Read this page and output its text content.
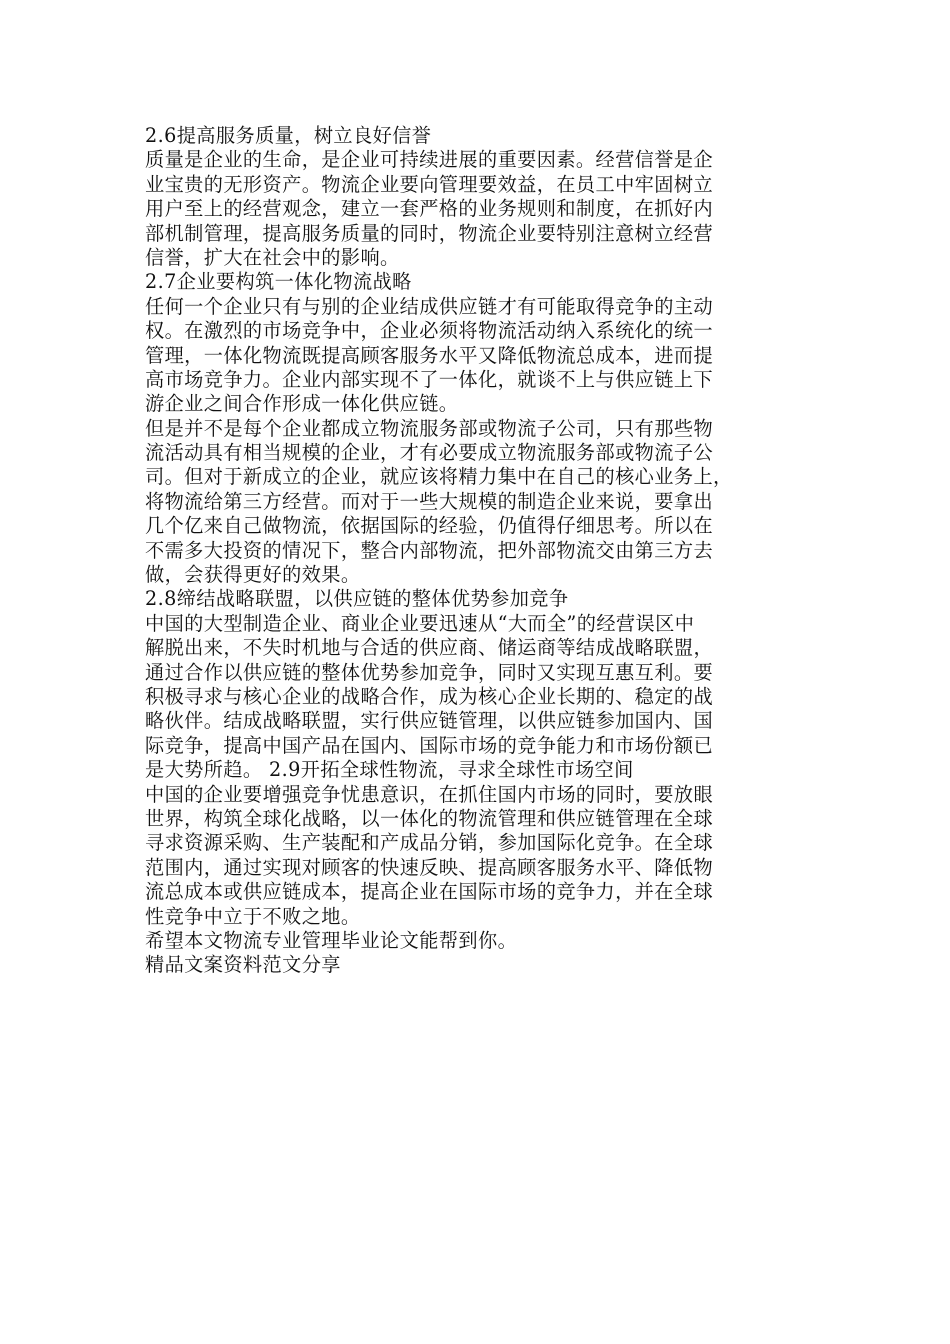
2.6提高服务质量，树立良好信誉
质量是企业的生命，是企业可持续进展的重要因素。经营信誉是企
业宝贵的无形资产。物流企业要向管理要效益，在员工中牢固树立
用户至上的经营观念，建立一套严格的业务规则和制度，在抓好内
部机制管理，提高服务质量的同时，物流企业要特别注意树立经营
信誉，扩大在社会中的影响。
2.7企业要构筑一体化物流战略
任何一个企业只有与别的企业结成供应链才有可能取得竞争的主动
权。在激烈的市场竞争中，企业必须将物流活动纳入系统化的统一
管理，一体化物流既提高顾客服务水平又降低物流总成本，进而提
高市场竞争力。企业内部实现不了一体化，就谈不上与供应链上下
游企业之间合作形成一体化供应链。
但是并不是每个企业都成立物流服务部或物流子公司，只有那些物
流活动具有相当规模的企业，才有必要成立物流服务部或物流子公
司。但对于新成立的企业，就应该将精力集中在自己的核心业务上，
将物流给第三方经营。而对于一些大规模的制造企业来说，要拿出
几个亿来自己做物流，依据国际的经验，仍值得仔细思考。所以在
不需多大投资的情况下，整合内部物流，把外部物流交由第三方去
做，会获得更好的效果。
2.8缔结战略联盟，以供应链的整体优势参加竞争
中国的大型制造企业、商业企业要迅速从“大而全”的经营误区中
解脱出来，不失时机地与合适的供应商、储运商等结成战略联盟，
通过合作以供应链的整体优势参加竞争，同时又实现互惠互利。要
积极寻求与核心企业的战略合作，成为核心企业长期的、稳定的战
略伙伴。结成战略联盟，实行供应链管理，以供应链参加国内、国
际竞争，提高中国产品在国内、国际市场的竞争能力和市场份额已
是大势所趋。 2.9开拓全球性物流，寻求全球性市场空间
中国的企业要增强竞争忧患意识，在抓住国内市场的同时，要放眼
世界，构筑全球化战略，以一体化的物流管理和供应链管理在全球
寻求资源采购、生产装配和产成品分销，参加国际化竞争。在全球
范围内，通过实现对顾客的快速反映、提高顾客服务水平、降低物
流总成本或供应链成本，提高企业在国际市场的竞争力，并在全球
性竞争中立于不败之地。
希望本文物流专业管理毕业论文能帮到你。
精品文案资料范文分享
